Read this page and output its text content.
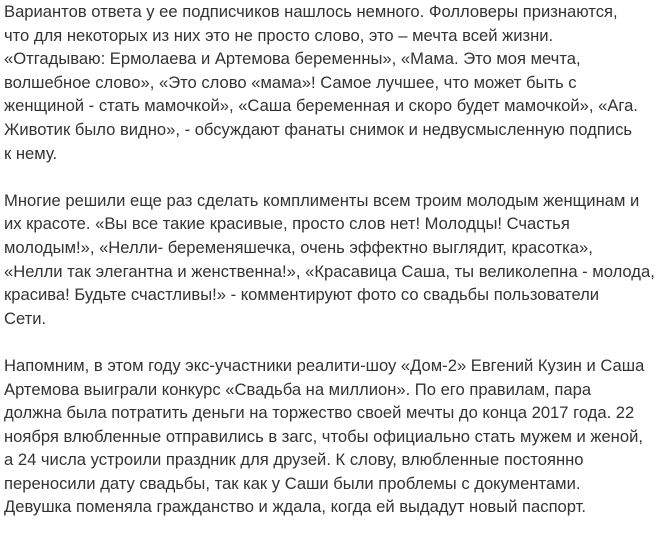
Вариантов ответа у ее подписчиков нашлось немного. Фолловеры признаются,
что для некоторых из них это не просто слово, это – мечта всей жизни.
«Отгадываю: Ермолаева и Артемова беременны», «Мама. Это моя мечта,
волшебное слово», «Это слово «мама»! Самое лучшее, что может быть с
женщиной - стать мамочкой», «Саша беременная и скоро будет мамочкой», «Ага.
Животик было видно», - обсуждают фанаты снимок и недвусмысленную подпись
к нему.

Многие решили еще раз сделать комплименты всем троим молодым женщинам и
их красоте. «Вы все такие красивые, просто слов нет! Молодцы! Счастья
молодым!», «Нелли- беременяшечка, очень эффектно выглядит, красотка»,
«Нелли так элегантна и женственна!», «Красавица Саша, ты великолепна - молода,
красива! Будьте счастливы!» - комментируют фото со свадьбы пользователи
Сети.

Напомним, в этом году экс-участники реалити-шоу «Дом-2» Евгений Кузин и Саша
Артемова выиграли конкурс «Свадьба на миллион». По его правилам, пара
должна была потратить деньги на торжество своей мечты до конца 2017 года. 22
ноября влюбленные отправились в загс, чтобы официально стать мужем и женой,
а 24 числа устроили праздник для друзей. К слову, влюбленные постоянно
переносили дату свадьбы, так как у Саши были проблемы с документами.
Девушка поменяла гражданство и ждала, когда ей выдадут новый паспорт.
